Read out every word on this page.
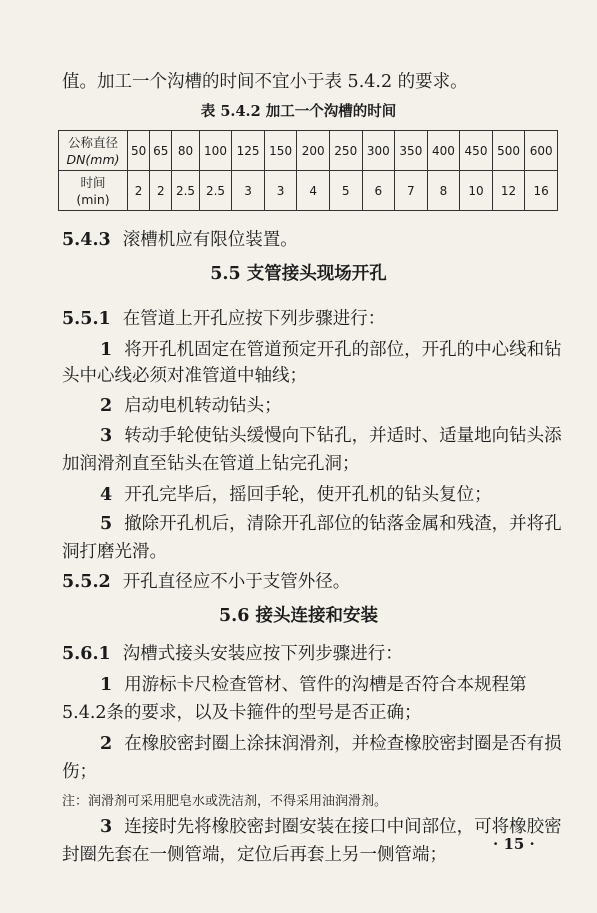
值。加工一个沟槽的时间不宜小于表 5.4.2 的要求。
表 5.4.2 加工一个沟槽的时间
公称直径
DN(mm)	50	65	80	100	125	150	200	250	300	350	400	450	500	600
时间
(min)	2	2	2.5	2.5	3	3	4	5	6	7	8	10	12	16
5.4.3 滚槽机应有限位装置。
5.5 支管接头现场开孔
5.5.1 在管道上开孔应按下列步骤进行：
1 将开孔机固定在管道预定开孔的部位，开孔的中心线和钻
头中心线必须对准管道中轴线；
2 启动电机转动钻头；
3 转动手轮使钻头缓慢向下钻孔，并适时、适量地向钻头添
加润滑剂直至钻头在管道上钻完孔洞；
4 开孔完毕后，摇回手轮，使开孔机的钻头复位；
5 撤除开孔机后，清除开孔部位的钻落金属和残渣，并将孔
洞打磨光滑。
5.5.2 开孔直径应不小于支管外径。
5.6 接头连接和安装
5.6.1 沟槽式接头安装应按下列步骤进行：
1 用游标卡尺检查管材、管件的沟槽是否符合本规程第
5.4.2条的要求，以及卡箍件的型号是否正确；
2 在橡胶密封圈上涂抹润滑剂，并检查橡胶密封圈是否有损
伤；
注：润滑剂可采用肥皂水或洗洁剂，不得采用油润滑剂。
3 连接时先将橡胶密封圈安装在接口中间部位，可将橡胶密
封圈先套在一侧管端，定位后再套上另一侧管端；
· 15 ·
